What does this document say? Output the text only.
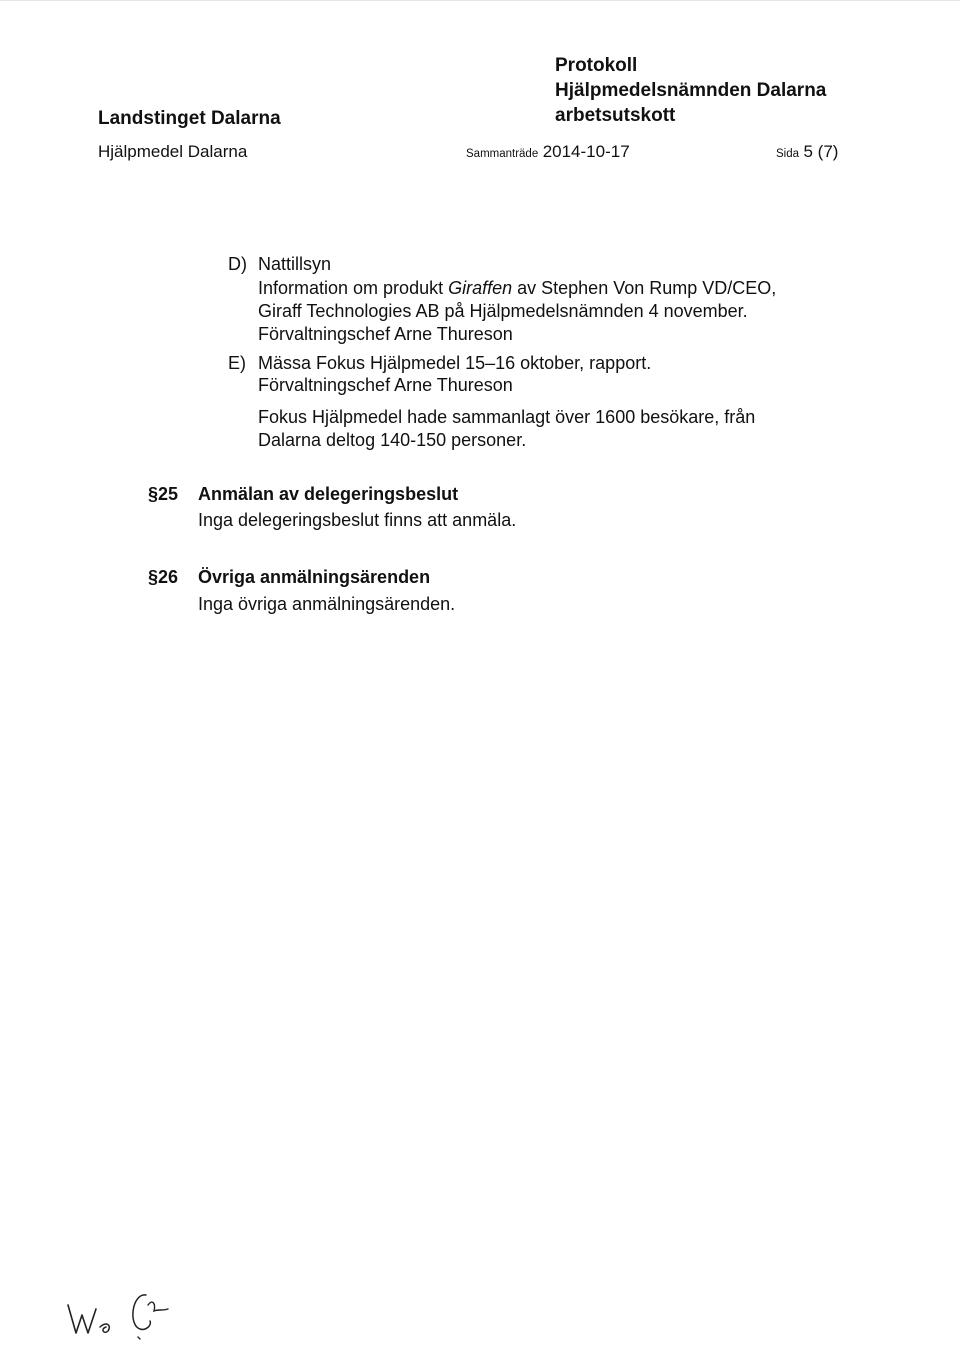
Protokoll
Hjälpmedelsnämnden Dalarna
Landstinget Dalarna	arbetsutskott
Hjälpmedel Dalarna	Sammanträde 2014-10-17	Sida 5 (7)
D) Nattillsyn
Information om produkt Giraffen av Stephen Von Rump VD/CEO,
Giraff Technologies AB på Hjälpmedelsnämnden 4 november.
Förvaltningschef Arne Thureson
E) Mässa Fokus Hjälpmedel 15–16 oktober, rapport.
Förvaltningschef Arne Thureson
Fokus Hjälpmedel hade sammanlagt över 1600 besökare, från
Dalarna deltog 140-150 personer.
§25 Anmälan av delegeringsbeslut
Inga delegeringsbeslut finns att anmäla.
§26 Övriga anmälningsärenden
Inga övriga anmälningsärenden.
